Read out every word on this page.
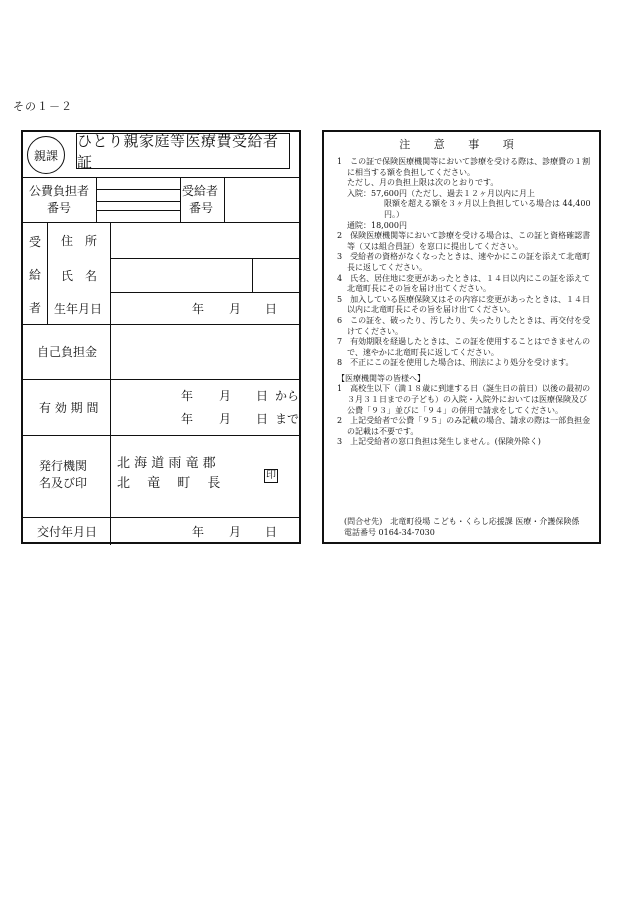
その１－２
親課
ひとり親家庭等医療費受給者証
公費負担者
番号
受給者
番号
受
給
者
住　所
氏　名
生年月日	年 月 日
自己負担金
有 効 期 間
年 月 日 から
年 月 日 まで
発行機関
名及び印
北 海 道 雨 竜 郡
北　 竜 　町 　長
印
交付年月日	年 月 日
注 意 事 項

1　 この証で保険医療機関等において診療を受ける際は、診療費の１割に相当する額を負担してください。

ただし、月の負担上限は次のとおりです。

入院：57,600円（ただし、過去１２ヶ月以内に月上

限額を超える額を３ヶ月以上負担している場合は 44,400円。）

通院：18,000円

2　 保険医療機関等において診療を受ける場合は、この証と資格確認書等（又は組合員証）を窓口に提出してください。

3　 受給者の資格がなくなったときは、速やかにこの証を添えて北竜町長に返してください。

4　 氏名、居住地に変更があったときは、１４日以内にこの証を添えて北竜町長にその旨を届け出てください。

5　 加入している医療保険又はその内容に変更があったときは、１４日以内に北竜町長にその旨を届け出てください。

6　 この証を、破ったり、汚したり、失ったりしたときは、再交付を受けてください。

7　 有効期限を経過したときは、この証を使用することはできませんので、速やかに北竜町長に返してください。

8　 不正にこの証を使用した場合は、刑法により処分を受けます。

【医療機関等の皆様へ】

1　 高校生以下（満１８歳に到達する日（誕生日の前日）以後の最初の３月３１日までの子ども）の入院・入院外においては医療保険及び公費「９３」並びに「９４」の併用で請求をしてください。

2　 上記受給者で公費「９５」のみ記載の場合、請求の際は一部負担金の記載は不要です。

3　 上記受給者の窓口負担は発生しません。(保険外除く)

(問合せ先)　北竜町役場 こども・くらし応援課 医療・介護保険係
電話番号 0164-34-7030
